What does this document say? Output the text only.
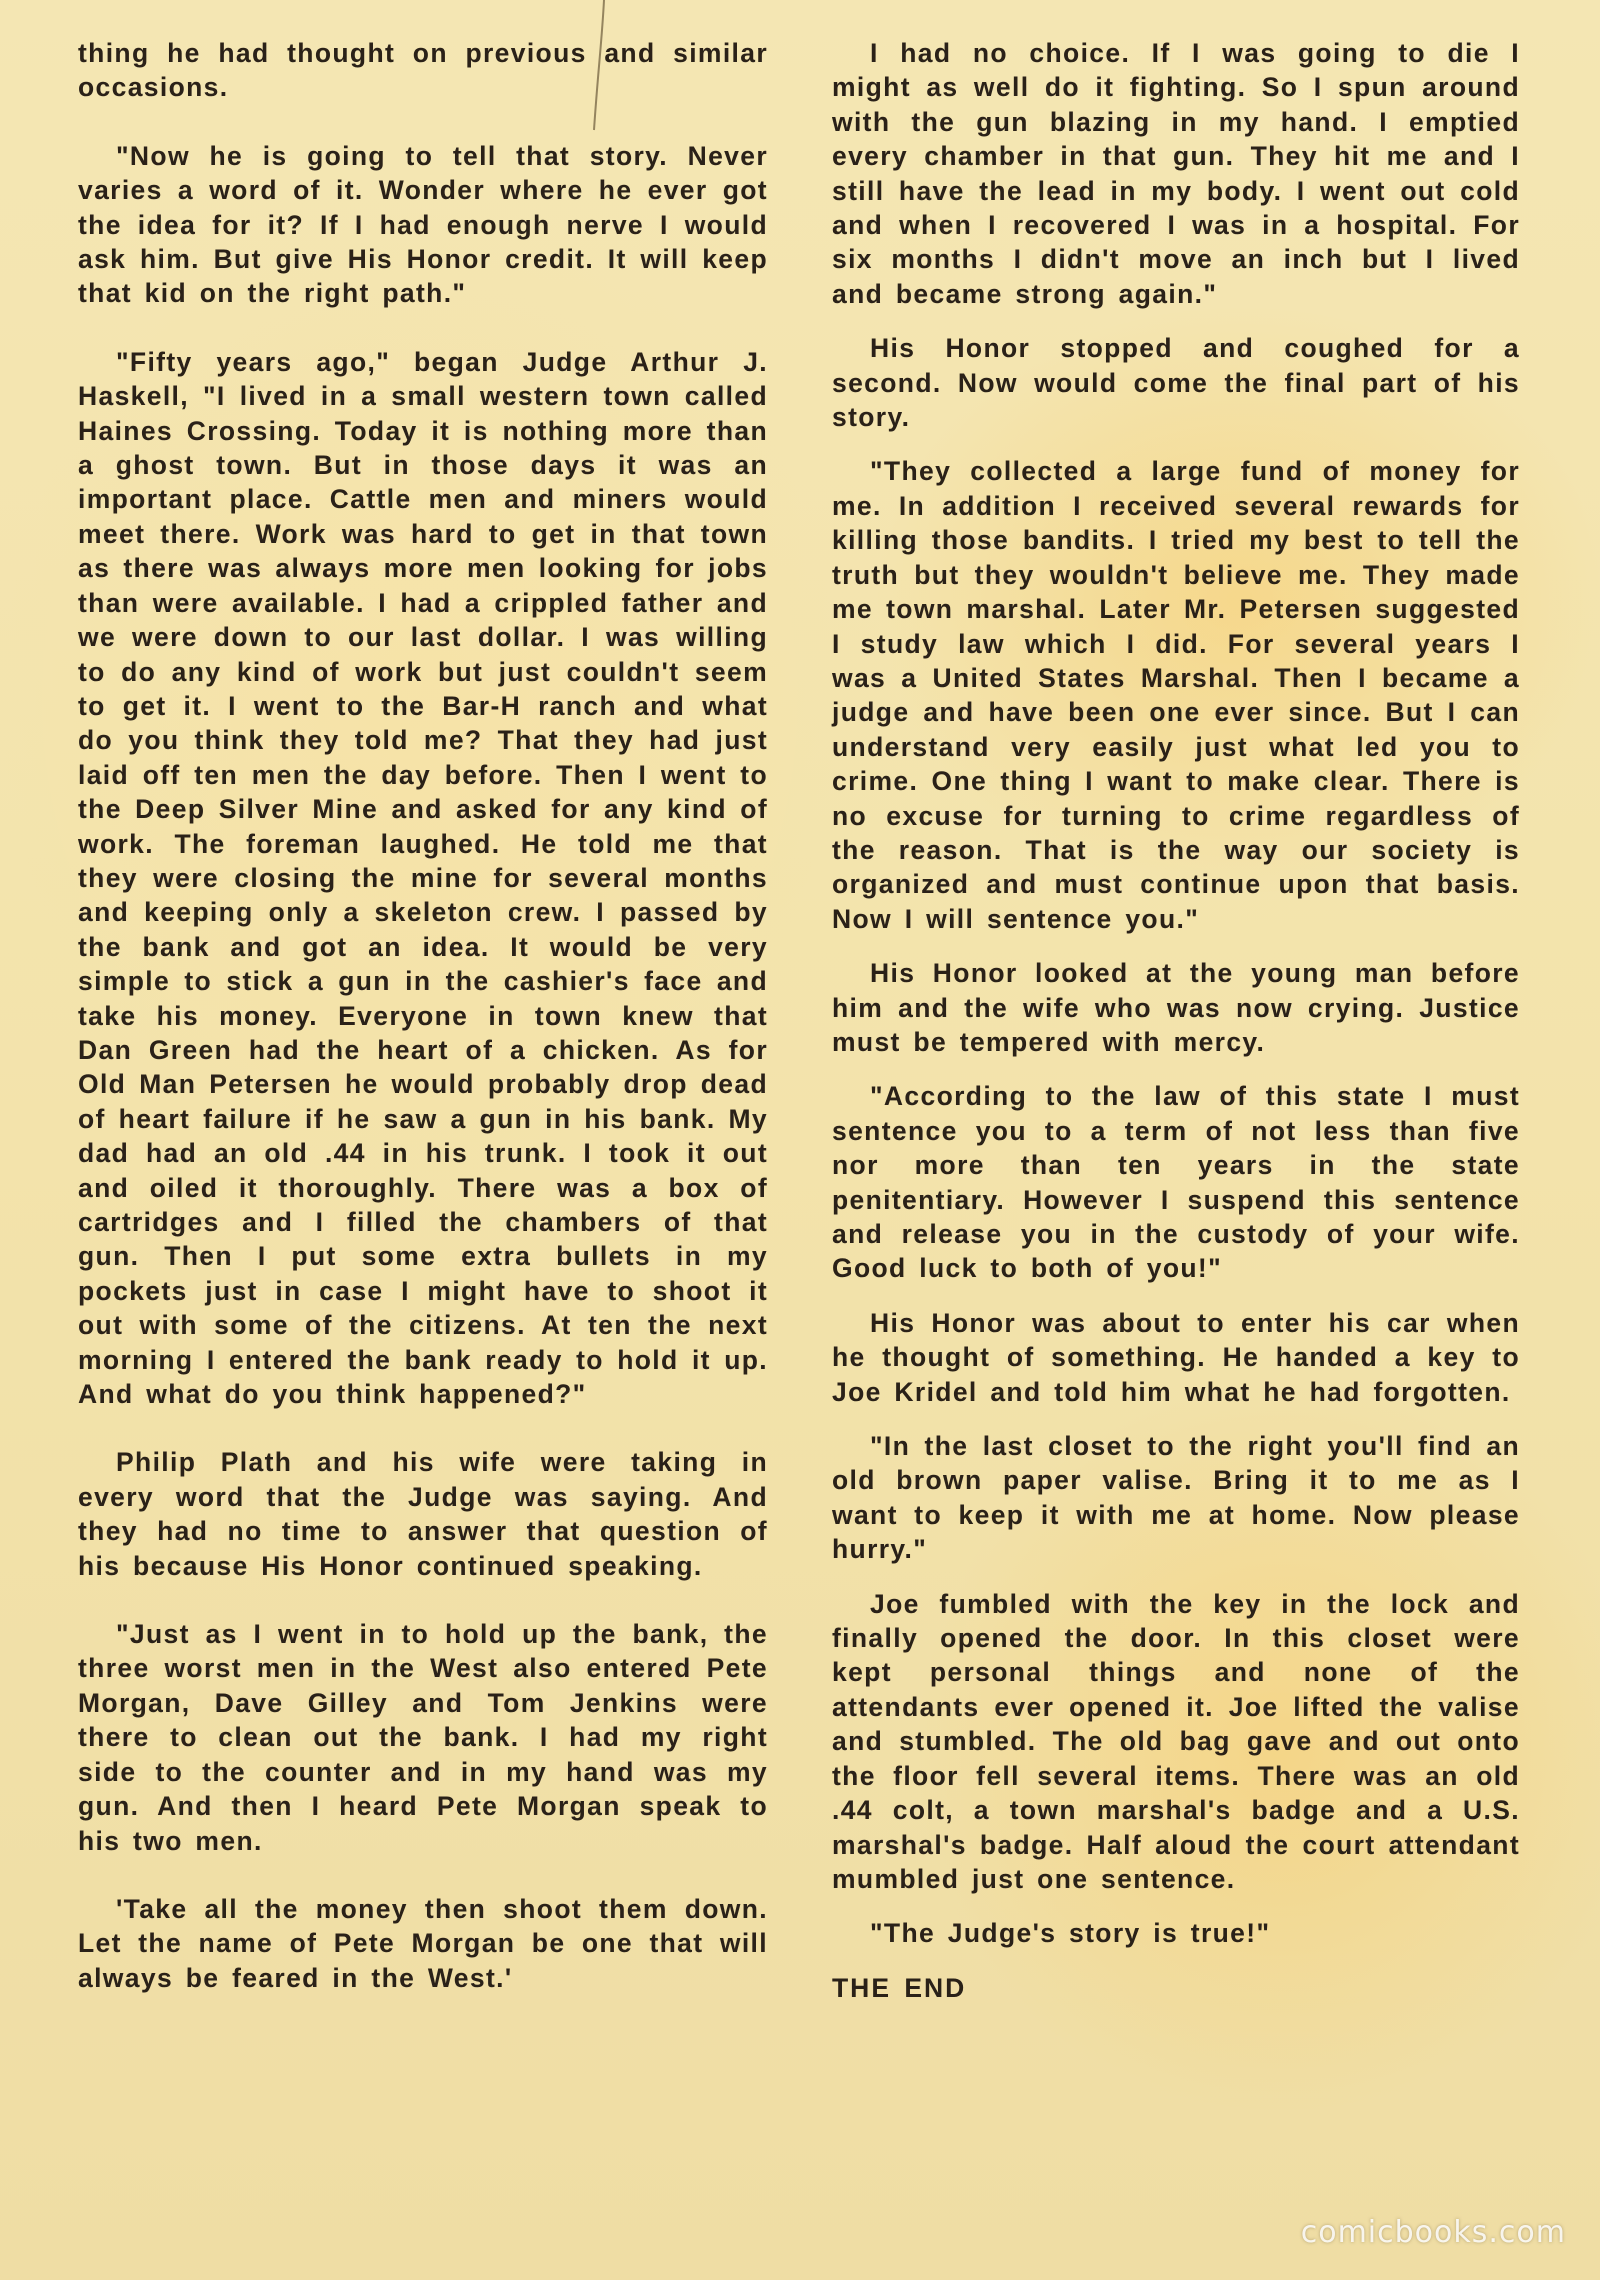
thing he had thought on previous and similar occasions.

"Now he is going to tell that story. Never varies a word of it. Wonder where he ever got the idea for it? If I had enough nerve I would ask him. But give His Honor credit. It will keep that kid on the right path."

"Fifty years ago," began Judge Arthur J. Haskell, "I lived in a small western town called Haines Crossing. Today it is nothing more than a ghost town. But in those days it was an important place. Cattle men and miners would meet there. Work was hard to get in that town as there was always more men looking for jobs than were available. I had a crippled father and we were down to our last dollar. I was willing to do any kind of work but just couldn't seem to get it. I went to the Bar-H ranch and what do you think they told me? That they had just laid off ten men the day before. Then I went to the Deep Silver Mine and asked for any kind of work. The foreman laughed. He told me that they were closing the mine for several months and keeping only a skeleton crew. I passed by the bank and got an idea. It would be very simple to stick a gun in the cashier's face and take his money. Everyone in town knew that Dan Green had the heart of a chicken. As for Old Man Petersen he would probably drop dead of heart failure if he saw a gun in his bank. My dad had an old .44 in his trunk. I took it out and oiled it thoroughly. There was a box of cartridges and I filled the chambers of that gun. Then I put some extra bullets in my pockets just in case I might have to shoot it out with some of the citizens. At ten the next morning I entered the bank ready to hold it up. And what do you think happened?"

Philip Plath and his wife were taking in every word that the Judge was saying. And they had no time to answer that question of his because His Honor continued speaking.

"Just as I went in to hold up the bank, the three worst men in the West also entered Pete Morgan, Dave Gilley and Tom Jenkins were there to clean out the bank. I had my right side to the counter and in my hand was my gun. And then I heard Pete Morgan speak to his two men.

'Take all the money then shoot them down. Let the name of Pete Morgan be one that will always be feared in the West.'

I had no choice. If I was going to die I might as well do it fighting. So I spun around with the gun blazing in my hand. I emptied every chamber in that gun. They hit me and I still have the lead in my body. I went out cold and when I recovered I was in a hospital. For six months I didn't move an inch but I lived and became strong again."

His Honor stopped and coughed for a second. Now would come the final part of his story.

"They collected a large fund of money for me. In addition I received several rewards for killing those bandits. I tried my best to tell the truth but they wouldn't believe me. They made me town marshal. Later Mr. Petersen suggested I study law which I did. For several years I was a United States Marshal. Then I became a judge and have been one ever since. But I can understand very easily just what led you to crime. One thing I want to make clear. There is no excuse for turning to crime regardless of the reason. That is the way our society is organized and must continue upon that basis. Now I will sentence you."

His Honor looked at the young man before him and the wife who was now crying. Justice must be tempered with mercy.

"According to the law of this state I must sentence you to a term of not less than five nor more than ten years in the state penitentiary. However I suspend this sentence and release you in the custody of your wife. Good luck to both of you!"

His Honor was about to enter his car when he thought of something. He handed a key to Joe Kridel and told him what he had forgotten.

"In the last closet to the right you'll find an old brown paper valise. Bring it to me as I want to keep it with me at home. Now please hurry."

Joe fumbled with the key in the lock and finally opened the door. In this closet were kept personal things and none of the attendants ever opened it. Joe lifted the valise and stumbled. The old bag gave and out onto the floor fell several items. There was an old .44 colt, a town marshal's badge and a U.S. marshal's badge. Half aloud the court attendant mumbled just one sentence.

"The Judge's story is true!"

THE END

comicbooks.com
